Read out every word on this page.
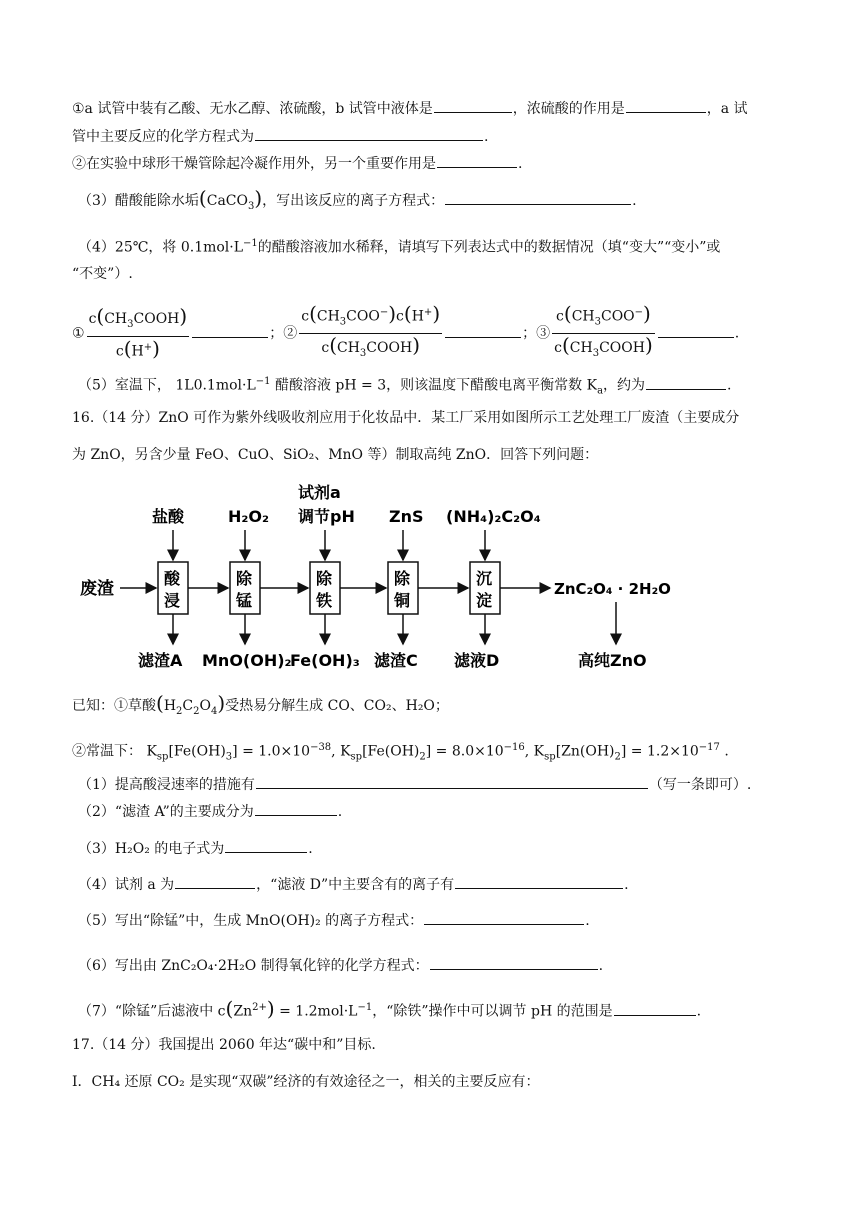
①a 试管中装有乙酸、无水乙醇、浓硫酸，b 试管中液体是	，浓硫酸的作用是	，a 试
管中主要反应的化学方程式为	.
②在实验中球形干燥管除起冷凝作用外，另一个重要作用是	.
（3）醋酸能除水垢(CaCO$_3$)，写出该反应的离子方程式：	.
（4）25℃，将 $0.1mol\cdot L^{-1}$的醋酸溶液加水稀释，请填写下列表达式中的数据情况（填“变大”“变小”或
“不变”）.
① $\frac{c(CH_3COOH)}{c(H^+)}$	；② $\frac{c(CH_3COO^-)c(H^+)}{c(CH_3COOH)}$	；③ $\frac{c(CH_3COO^-)}{c(CH_3COOH)}$	.
（5）室温下， $1L0.1mol\cdot L^{-1}$ 醋酸溶液 pH = 3，则该温度下醋酸电离平衡常数 $K_a$，约为	.
16.（14 分）ZnO 可作为紫外线吸收剂应用于化妆品中．某工厂采用如图所示工艺处理工厂废渣（主要成分
为 ZnO，另含少量 FeO、CuO、SiO₂、MnO 等）制取高纯 ZnO．回答下列问题：
废渣
酸
浸
除
锰
除
铁
除
铜
沉
淀
ZnC₂O₄ · 2H₂O
高纯ZnO
盐酸	H₂O₂
试剂a
调节pH ZnS (NH₄)₂C₂O₄
滤渣A MnO(OH)₂
Fe(OH)₃ 滤渣C 滤液D
已知：①草酸$(H_2C_2O_4)$受热易分解生成 CO、CO₂、H₂O；
②常温下： $K_{sp}[Fe(OH)_3] = 1.0\times 10^{-38}$, $K_{sp}[Fe(OH)_2] = 8.0\times 10^{-16}$, $K_{sp}[Zn(OH)_2] = 1.2\times 10^{-17}$ .
（1）提高酸浸速率的措施有	（写一条即可）.
（2）“滤渣 A”的主要成分为	.
（3）H₂O₂ 的电子式为	.
（4）试剂 a 为	，“滤液 D”中主要含有的离子有	.
（5）写出“除锰”中，生成 MnO(OH)₂ 的离子方程式：	.
（6）写出由 ZnC₂O₄·2H₂O 制得氧化锌的化学方程式：	.
（7）“除锰”后滤液中 $c(Zn^{2+}) = 1.2mol\cdot L^{-1}$，“除铁”操作中可以调节 pH 的范围是	.
17.（14 分）我国提出 2060 年达“碳中和”目标.
Ⅰ．CH₄ 还原 CO₂ 是实现“双碳”经济的有效途径之一，相关的主要反应有：
